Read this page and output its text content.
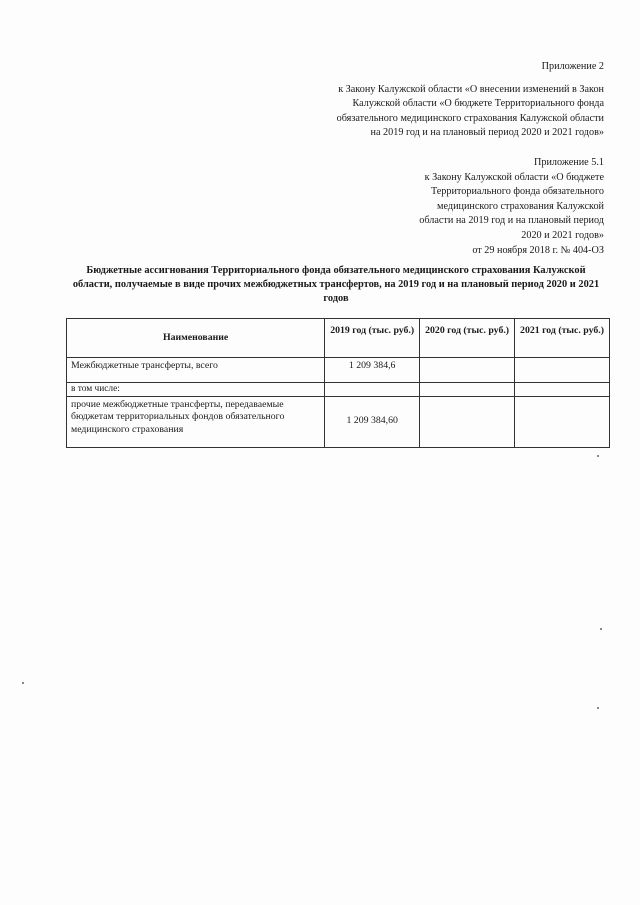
Приложение 2
к Закону Калужской области «О внесении изменений в Закон
Калужской области «О бюджете Территориального фонда
обязательного медицинского страхования Калужской области
на 2019 год и на плановый период 2020 и 2021 годов»
Приложение 5.1
к Закону Калужской области «О бюджете
Территориального фонда обязательного
медицинского страхования Калужской
области на 2019 год и на плановый период
2020 и 2021 годов»
от 29 ноября 2018 г. № 404-ОЗ
Бюджетные ассигнования Территориального фонда обязательного медицинского страхования Калужской области, получаемые в виде прочих межбюджетных трансфертов, на 2019 год и на плановый период 2020 и 2021 годов
Наименование	2019 год (тыс. руб.)	2020 год (тыс. руб.)	2021 год (тыс. руб.)
Межбюджетные трансферты, всего	1 209 384,6		
в том числе:			
прочие межбюджетные трансферты, передаваемые бюджетам территориальных фондов обязательного медицинского страхования	1 209 384,60		
